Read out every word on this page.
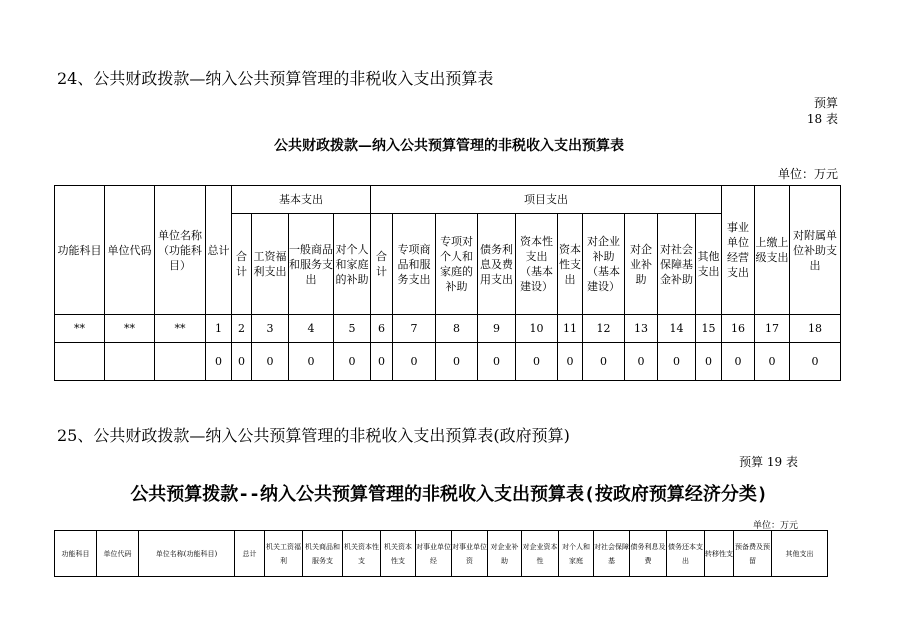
24、公共财政拨款—纳入公共预算管理的非税收入支出预算表
预算
18 表
公共财政拨款—纳入公共预算管理的非税收入支出预算表
单位：万元
功能科目	单位代码	单位名称（功能科目）	总计	基本支出				项目支出										事业单位经营支出	上缴上级支出	对附属单位补助支出
				合计	工资福利支出	一般商品和服务支出	对个人和家庭的补助	合计	专项商品和服务支出	专项对个人和家庭的补助	债务利息及费用支出	资本性支出（基本建设）	资本性支出	对企业补助（基本建设）	对企业补助	对社会保障基金补助	其他支出			
**	**	**	1	2	3	4	5	6	7	8	9	10	11	12	13	14	15	16	17	18
			0	0	0	0	0	0	0	0	0	0	0	0	0	0	0	0	0	0
25、公共财政拨款—纳入公共预算管理的非税收入支出预算表(政府预算)
预算 19 表
公共预算拨款--纳入公共预算管理的非税收入支出预算表(按政府预算经济分类)
单位：万元
功能科目	单位代码	单位名称(功能科目)	总计	机关工资福利	机关商品和服务支	机关资本性支	机关资本性支	对事业单位经	对事业单位资	对企业补助	对企业资本性	对个人和家庭	对社会保障基	债务利息及费	债务还本支出	转移性支	预备费及预留	其他支出
